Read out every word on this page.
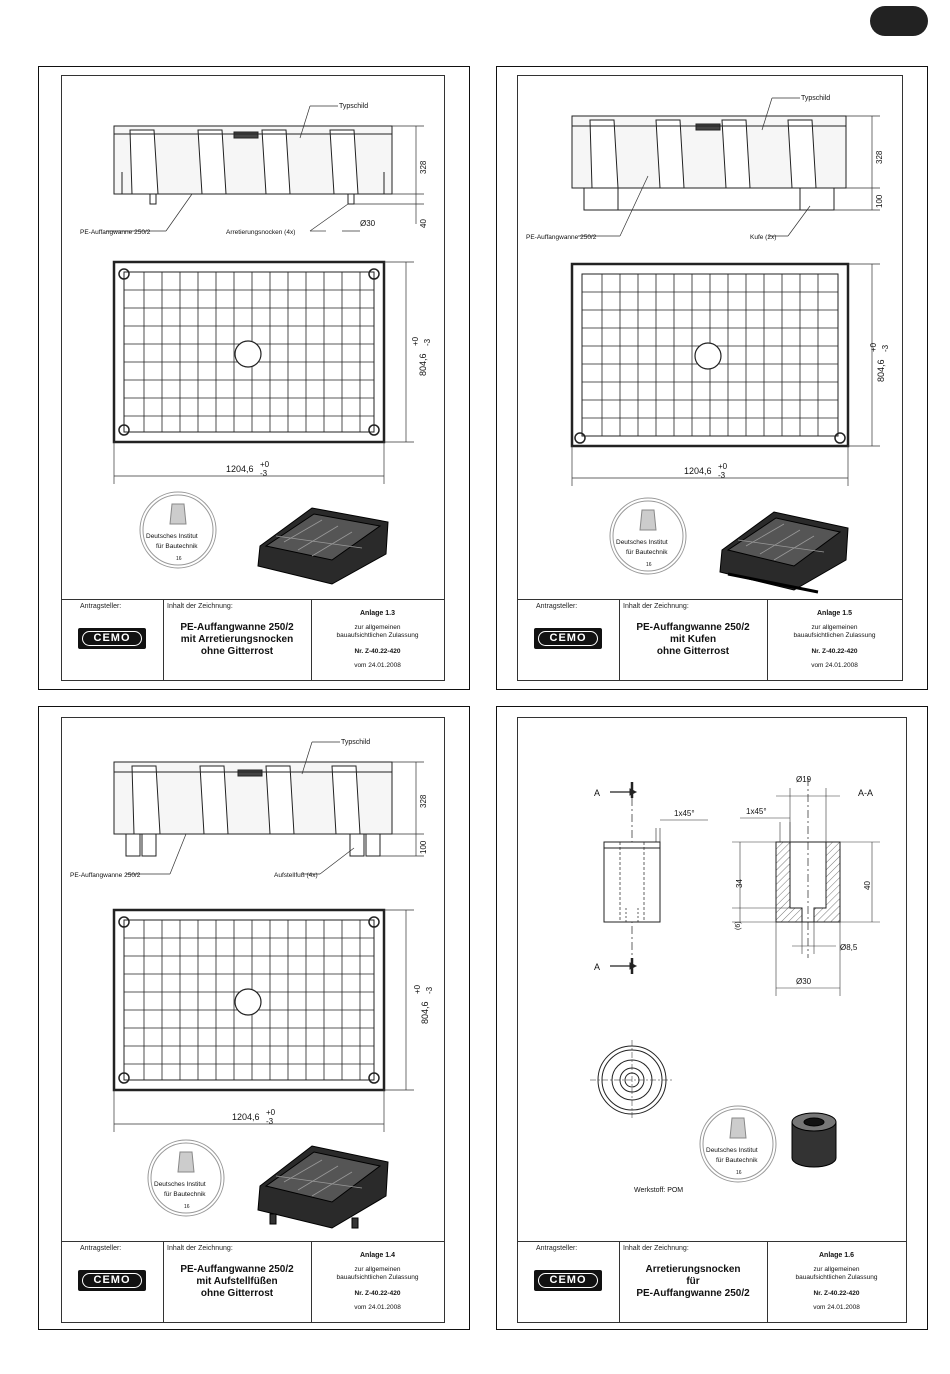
Typschild
PE-Auffangwanne 250/2	Arretierungsnocken (4x)
Ø30
328
40
804,6
+0 -3
1204,6 +0
-3
Deutsches Institut
für Bautechnik
16
Antragsteller:
CEMO
Inhalt der Zeichnung:
PE-Auffangwanne 250/2
mit Arretierungsnocken
ohne Gitterrost
Anlage 1.3
zur allgemeinen
bauaufsichtlichen Zulassung
Nr. Z-40.22-420
vom 24.01.2008
Typschild
PE-Auffangwanne 250/2	Kufe (2x)
328
100
804,6
+0 -3
1204,6 +0
-3
Deutsches Institut
für Bautechnik
16
Antragsteller:
CEMO
Inhalt der Zeichnung:
PE-Auffangwanne 250/2
mit Kufen
ohne Gitterrost
Anlage 1.5
zur allgemeinen
bauaufsichtlichen Zulassung
Nr. Z-40.22-420
vom 24.01.2008
Typschild
PE-Auffangwanne 250/2	Aufstellfuß (4x)
328
100
804,6
+0 -3
1204,6 +0
-3
Deutsches Institut
für Bautechnik
16
Antragsteller:
CEMO
Inhalt der Zeichnung:
PE-Auffangwanne 250/2
mit Aufstellfüßen
ohne Gitterrost
Anlage 1.4
zur allgemeinen
bauaufsichtlichen Zulassung
Nr. Z-40.22-420
vom 24.01.2008
A
A
1x45°
A-A
Ø19
1x45°
34
(6)
40
Ø8,5
Ø30
Deutsches Institut
für Bautechnik
16
Werkstoff: POM
Antragsteller:
CEMO
Inhalt der Zeichnung:
Arretierungsnocken
für
PE-Auffangwanne 250/2
Anlage 1.6
zur allgemeinen
bauaufsichtlichen Zulassung
Nr. Z-40.22-420
vom 24.01.2008
